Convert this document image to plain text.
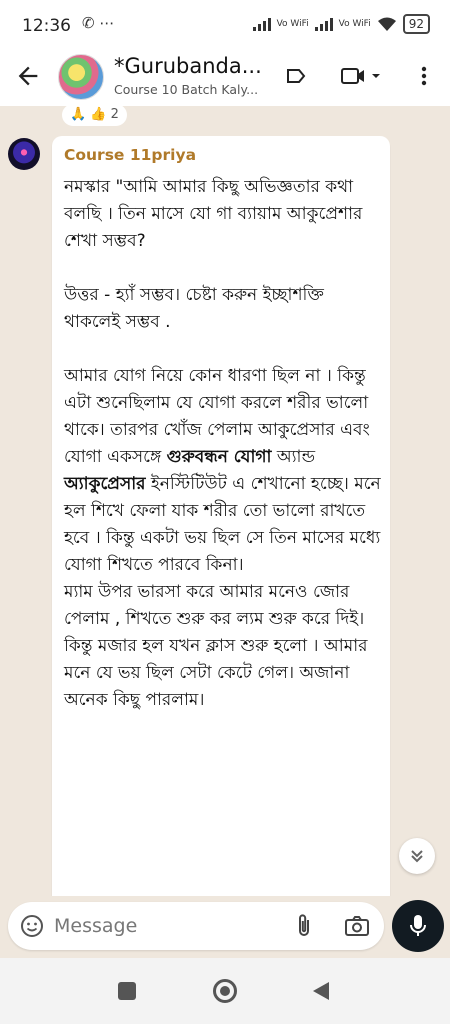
12:36 ✆ ⋯	Vo WiFi	Vo WiFi	92
*Gurubanda...
Course 10 Batch Kaly...
🙏 👍 2
Course 11priya

নমস্কার "আমি আমার কিছু অভিজ্ঞতার কথা বলছি । তিন মাসে যো গা ব্যায়াম আকুপ্রেশার শেখা সম্ভব?

উত্তর - হ্যাঁ সম্ভব। চেষ্টা করুন ইচ্ছাশক্তি থাকলেই সম্ভব .

আমার যোগ নিয়ে কোন ধারণা ছিল না । কিন্তু এটা শুনেছিলাম যে যোগা করলে শরীর ভালো থাকে। তারপর খোঁজ পেলাম আকুপ্রেসার এবং যোগা একসঙ্গে গুরুবন্ধন যোগা অ্যান্ড অ্যাকুপ্রেসার ইনস্টিটিউট এ শেখানো হচ্ছে। মনে হল শিখে ফেলা যাক শরীর তো ভালো রাখতে হবে । কিন্তু একটা ভয় ছিল সে তিন মাসের মধ্যে যোগা শিখতে পারবে কিনা।

ম্যাম উপর ভারসা করে আমার মনেও জোর পেলাম , শিখতে শুরু কর ল্যম শুরু করে দিই। কিন্তু মজার হল যখন ক্লাস শুরু হলো । আমার মনে যে ভয় ছিল সেটা কেটে গেল। অজানা অনেক কিছু পারলাম।

Message
